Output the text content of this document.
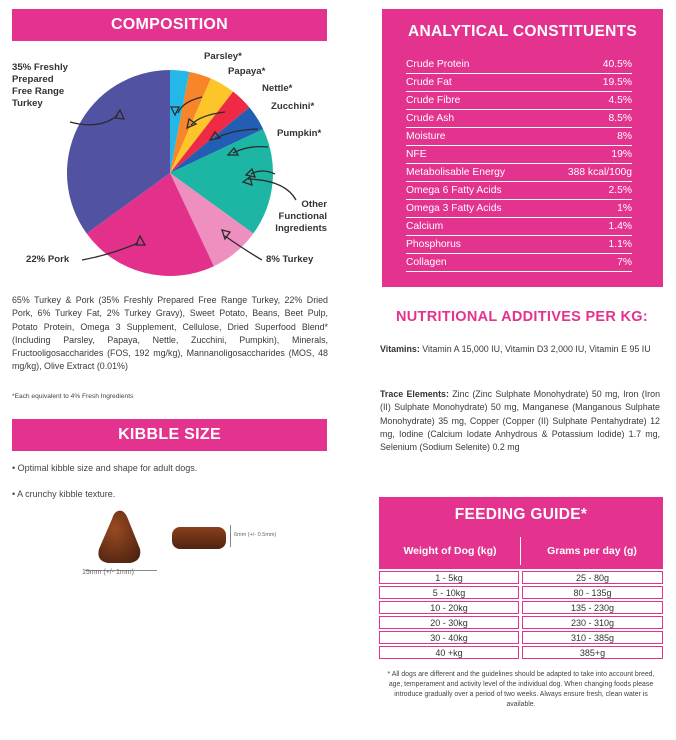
COMPOSITION
35% Freshly
Prepared
Free Range
Turkey
Parsley*
Papaya*
Nettle*
Zucchini*
Pumpkin*
Other
Functional
Ingredients
8% Turkey
22% Pork
65% Turkey & Pork (35% Freshly Prepared Free Range Turkey, 22% Dried Pork, 6% Turkey Fat, 2% Turkey Gravy), Sweet Potato, Beans, Beet Pulp, Potato Protein, Omega 3 Supplement, Cellulose, Dried Superfood Blend* (Including Parsley, Papaya, Nettle, Zucchini, Pumpkin), Minerals, Fructooligosaccharides (FOS, 192 mg/kg), Mannanoligosaccharides (MOS, 48 mg/kg), Olive Extract (0.01%)
*Each equivalent to 4% Fresh Ingredients
KIBBLE SIZE
• Optimal kibble size and shape for adult dogs.
• A crunchy kibble texture.
15mm (+/- 1mm)
6mm (+/- 0.5mm)
ANALYTICAL CONSTITUENTS
Crude Protein	40.5%
Crude Fat	19.5%
Crude Fibre	4.5%
Crude Ash	8.5%
Moisture	8%
NFE	19%
Metabolisable Energy	388 kcal/100g
Omega 6 Fatty Acids	2.5%
Omega 3 Fatty Acids	1%
Calcium	1.4%
Phosphorus	1.1%
Collagen	7%
NUTRITIONAL ADDITIVES PER KG:
Vitamins: Vitamin A 15,000 IU, Vitamin D3 2,000 IU, Vitamin E 95 IU
Trace Elements: Zinc (Zinc Sulphate Monohydrate) 50 mg, Iron (Iron (II) Sulphate Monohydrate) 50 mg, Manganese (Manganous Sulphate Monohydrate) 35 mg, Copper (Copper (II) Sulphate Pentahydrate) 12 mg, Iodine (Calcium Iodate Anhydrous & Potassium Iodide) 1.7 mg, Selenium (Sodium Selenite) 0.2 mg
FEEDING GUIDE*
Weight of Dog (kg)	Grams per day (g)
1 - 5kg	25 - 80g
5 - 10kg	80 - 135g
10 - 20kg	135 - 230g
20 - 30kg	230 - 310g
30 - 40kg	310 - 385g
40 +kg	385+g
* All dogs are different and the guidelines should be adapted to take into account breed, age, temperament and activity level of the individual dog. When changing foods please introduce gradually over a period of two weeks. Always ensure fresh, clean water is available.
